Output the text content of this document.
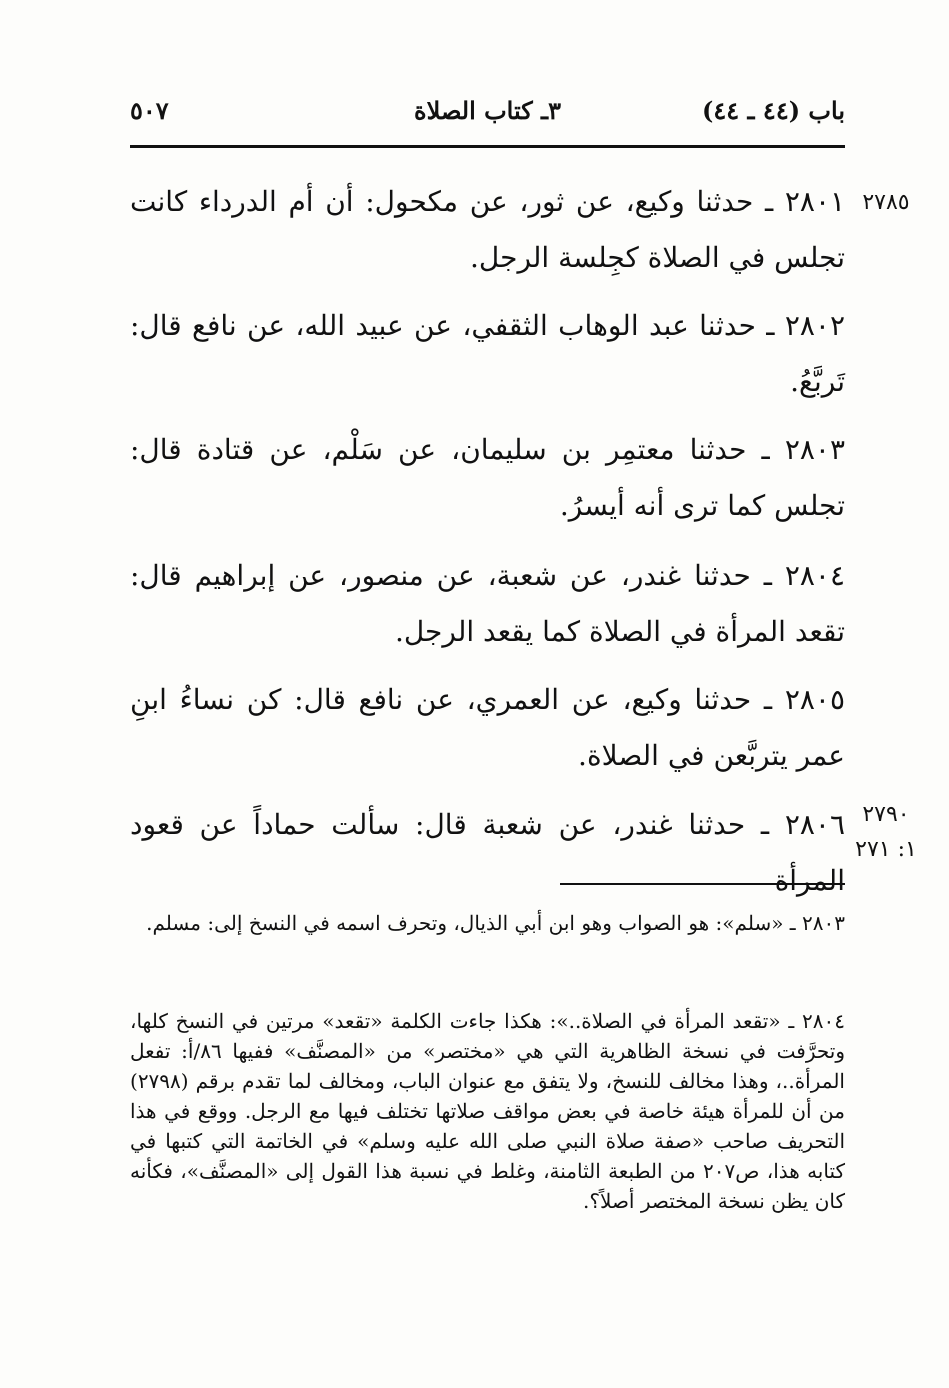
باب (٤٤ ـ ٤٤)
٣ـ كتاب الصلاة
٥٠٧

٢٨٠١ ـ حدثنا وكيع، عن ثور، عن مكحول: أن أم الدرداء كانت تجلس في الصلاة كجِلسة الرجل.

٢٨٠٢ ـ حدثنا عبد الوهاب الثقفي، عن عبيد الله، عن نافع قال: تَربَّعُ.

٢٨٠٣ ـ حدثنا معتمِر بن سليمان، عن سَلْم، عن قتادة قال: تجلس كما ترى أنه أيسرُ.

٢٨٠٤ ـ حدثنا غندر، عن شعبة، عن منصور، عن إبراهيم قال: تقعد المرأة في الصلاة كما يقعد الرجل.

٢٨٠٥ ـ حدثنا وكيع، عن العمري، عن نافع قال: كن نساءُ ابنِ عمر يتربَّعن في الصلاة.

٢٨٠٦ ـ حدثنا غندر، عن شعبة قال: سألت حماداً عن قعود المرأة

٢٧٨٥
٢٧٩٠
١: ٢٧١

٢٨٠٣ ـ «سلم»: هو الصواب وهو ابن أبي الذيال، وتحرف اسمه في النسخ إلى: مسلم.

٢٨٠٤ ـ «تقعد المرأة في الصلاة..»: هكذا جاءت الكلمة «تقعد» مرتين في النسخ كلها، وتحرَّفت في نسخة الظاهرية التي هي «مختصر» من «المصنَّف» ففيها ٨٦/أ: تفعل المرأة..، وهذا مخالف للنسخ، ولا يتفق مع عنوان الباب، ومخالف لما تقدم برقم (٢٧٩٨) من أن للمرأة هيئة خاصة في بعض مواقف صلاتها تختلف فيها مع الرجل. ووقع في هذا التحريف صاحب «صفة صلاة النبي صلى الله عليه وسلم» في الخاتمة التي كتبها في كتابه هذا، ص٢٠٧ من الطبعة الثامنة، وغلط في نسبة هذا القول إلى «المصنَّف»، فكأنه كان يظن نسخة المختصر أصلاً؟.
